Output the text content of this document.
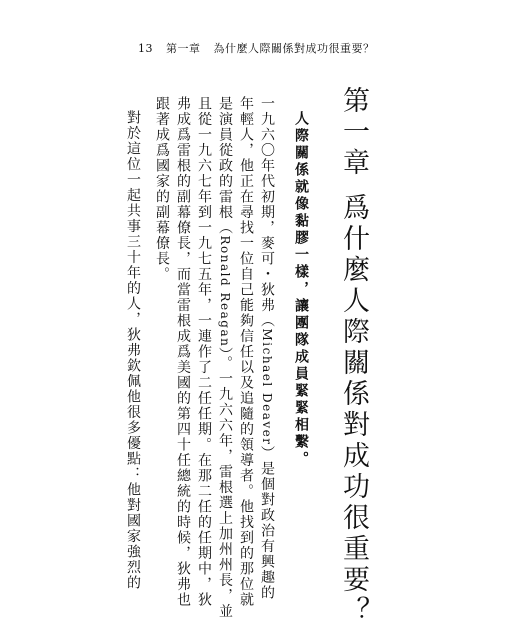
13 第一章 為什麼人際關係對成功很重要？
第一章爲什麼人際關係對成功很重要？
人際關係就像黏膠一樣，讓團隊成員緊緊相繫。
一九六〇年代初期，麥可・狄弗（Michael Deaver）是個對政治有興趣的
年輕人，他正在尋找一位自己能夠信任以及追隨的領導者。他找到的那位就
是演員從政的雷根（Ronald Reagan）。一九六六年，雷根選上加州州長，並
且從一九六七年到一九七五年，一連作了二任任期。在那二任的任期中，狄
弗成爲雷根的副幕僚長，而當雷根成爲美國的第四十任總統的時候，狄弗也
跟著成爲國家的副幕僚長。
對於這位一起共事三十年的人，狄弗欽佩他很多優點：他對國家強烈的
